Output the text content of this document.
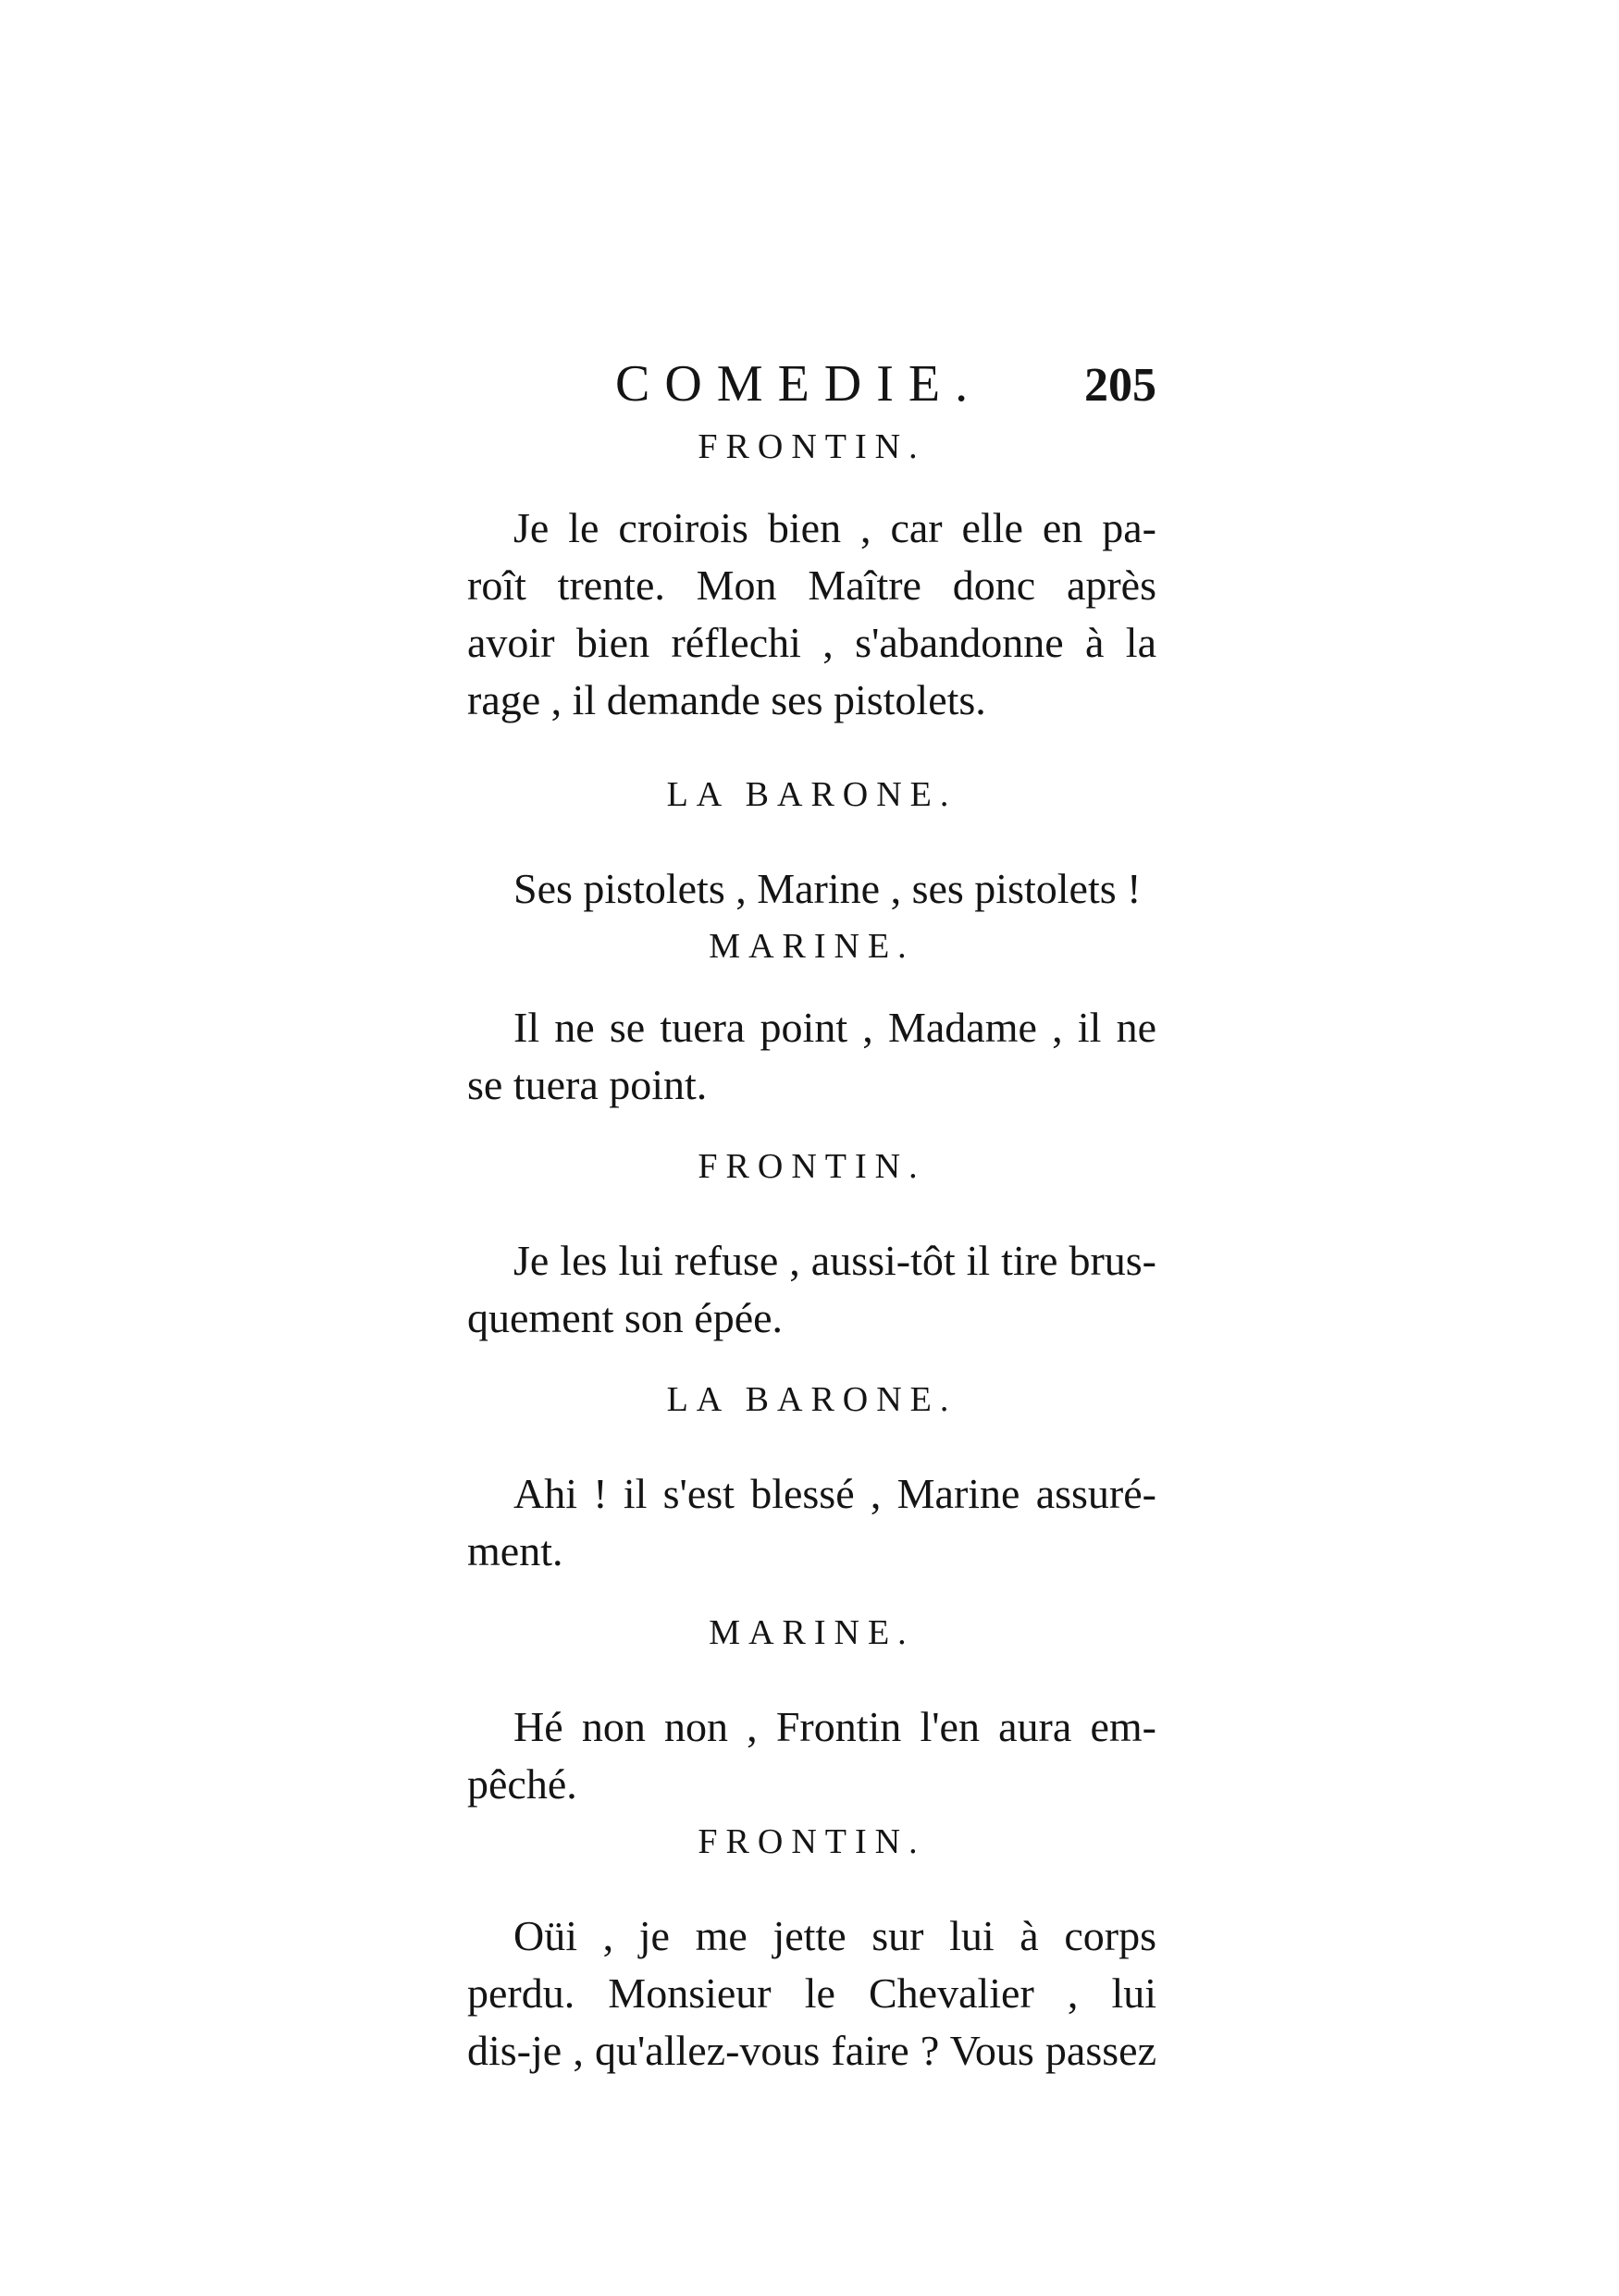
COMEDIE. 205
FRONTIN.

Je le croirois bien , car elle en pa-
roît trente. Mon Maître donc après
avoir bien réflechi , s'abandonne à la
rage , il demande ses pistolets.

LA BARONE.

Ses pistolets , Marine , ses pistolets !

MARINE.

Il ne se tuera point , Madame , il ne
se tuera point.

FRONTIN.

Je les lui refuse , aussi-tôt il tire brus-
quement son épée.

LA BARONE.

Ahi ! il s'est blessé , Marine assuré-
ment.

MARINE.

Hé non non , Frontin l'en aura em-
pêché.

FRONTIN.

Oüi , je me jette sur lui à corps
perdu. Monsieur le Chevalier , lui
dis-je , qu'allez-vous faire ? Vous passez
